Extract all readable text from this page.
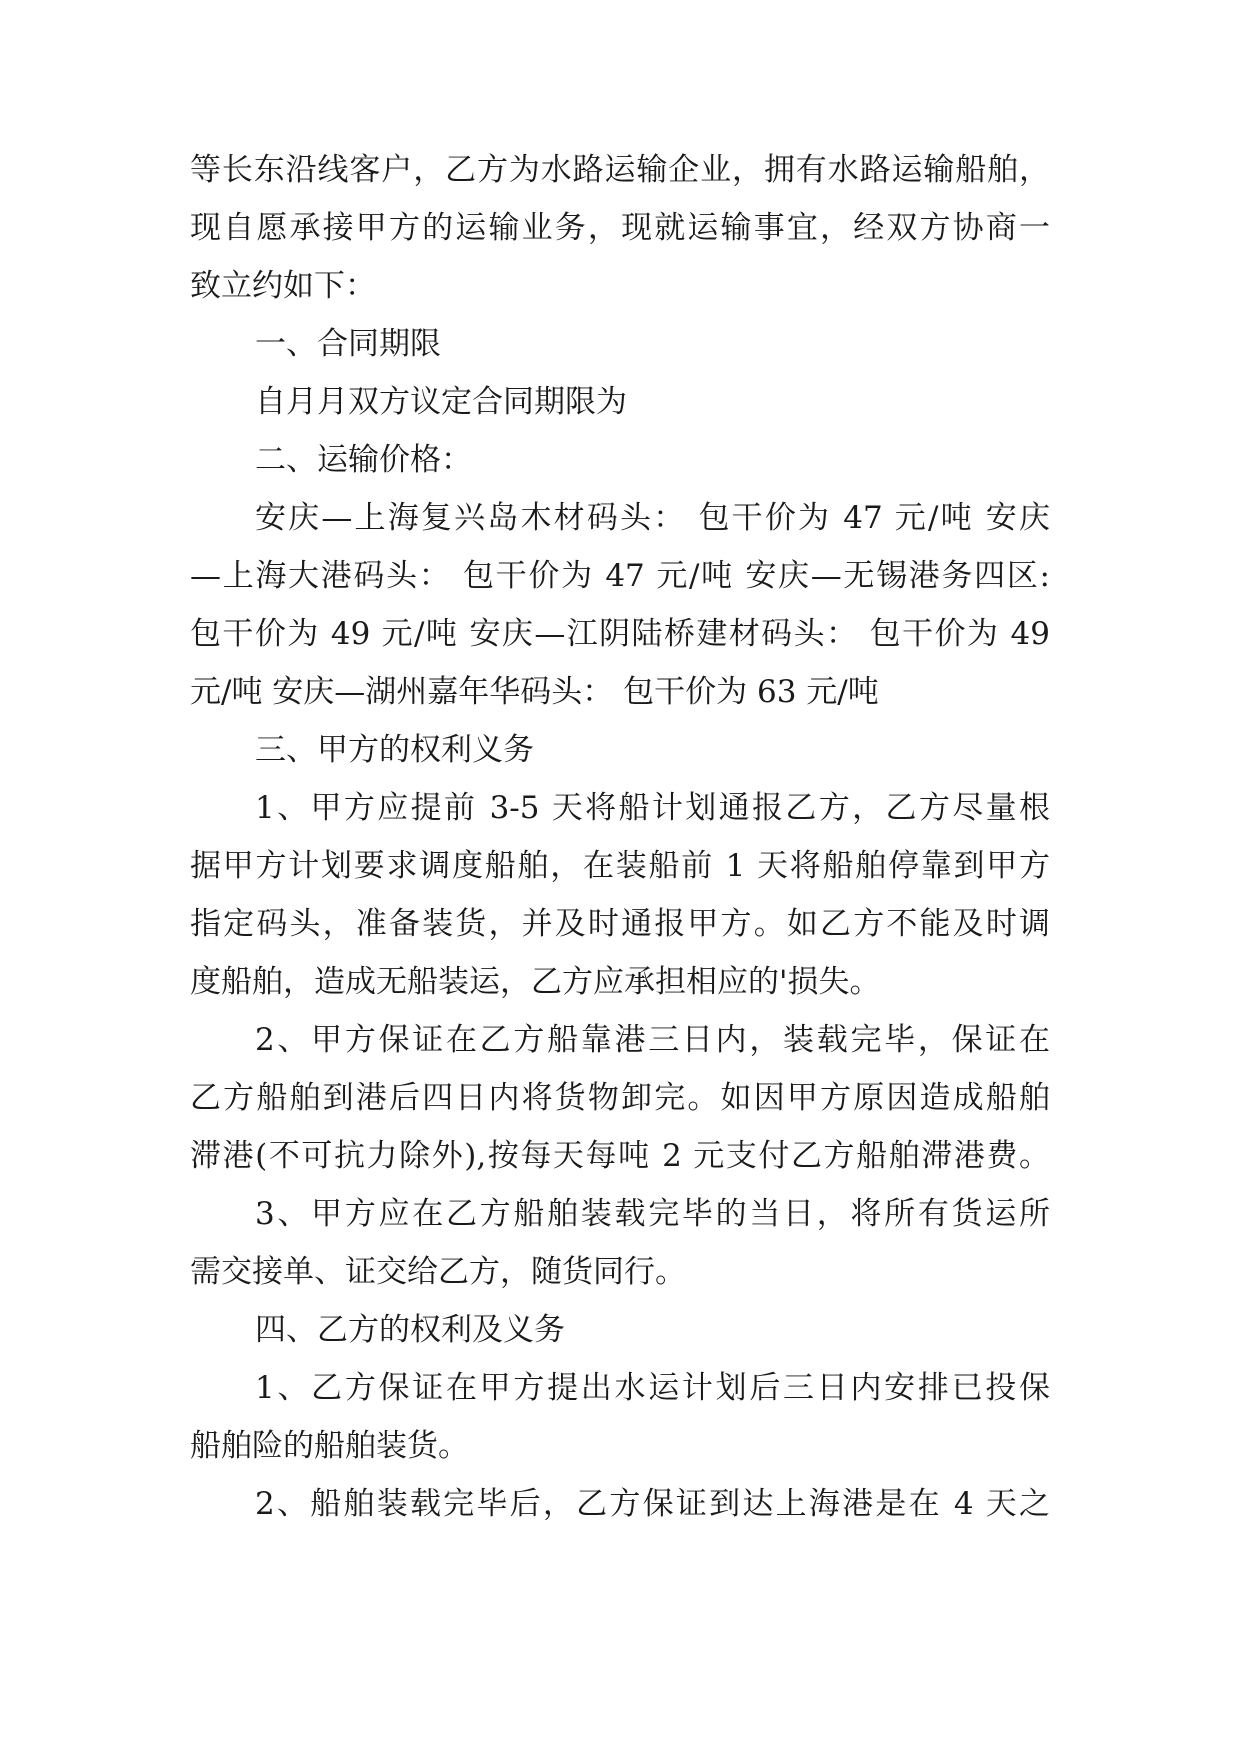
等长东沿线客户，乙方为水路运输企业，拥有水路运输船舶，
现自愿承接甲方的运输业务，现就运输事宜，经双方协商一
致立约如下：
一、合同期限
自月月双方议定合同期限为
二、运输价格：
安庆—上海复兴岛木材码头： 包干价为 47 元/吨 安庆
—上海大港码头： 包干价为 47 元/吨 安庆—无锡港务四区:
包干价为 49 元/吨 安庆—江阴陆桥建材码头： 包干价为 49
元/吨 安庆—湖州嘉年华码头： 包干价为 63 元/吨
三、甲方的权利义务
1、甲方应提前 3-5 天将船计划通报乙方，乙方尽量根
据甲方计划要求调度船舶，在装船前 1 天将船舶停靠到甲方
指定码头，准备装货，并及时通报甲方。如乙方不能及时调
度船舶，造成无船装运，乙方应承担相应的'损失。
2、甲方保证在乙方船靠港三日内，装载完毕，保证在
乙方船舶到港后四日内将货物卸完。如因甲方原因造成船舶
滞港(不可抗力除外),按每天每吨 2 元支付乙方船舶滞港费。
3、甲方应在乙方船舶装载完毕的当日，将所有货运所
需交接单、证交给乙方，随货同行。
四、乙方的权利及义务
1、乙方保证在甲方提出水运计划后三日内安排已投保
船舶险的船舶装货。
2、船舶装载完毕后，乙方保证到达上海港是在 4 天之
